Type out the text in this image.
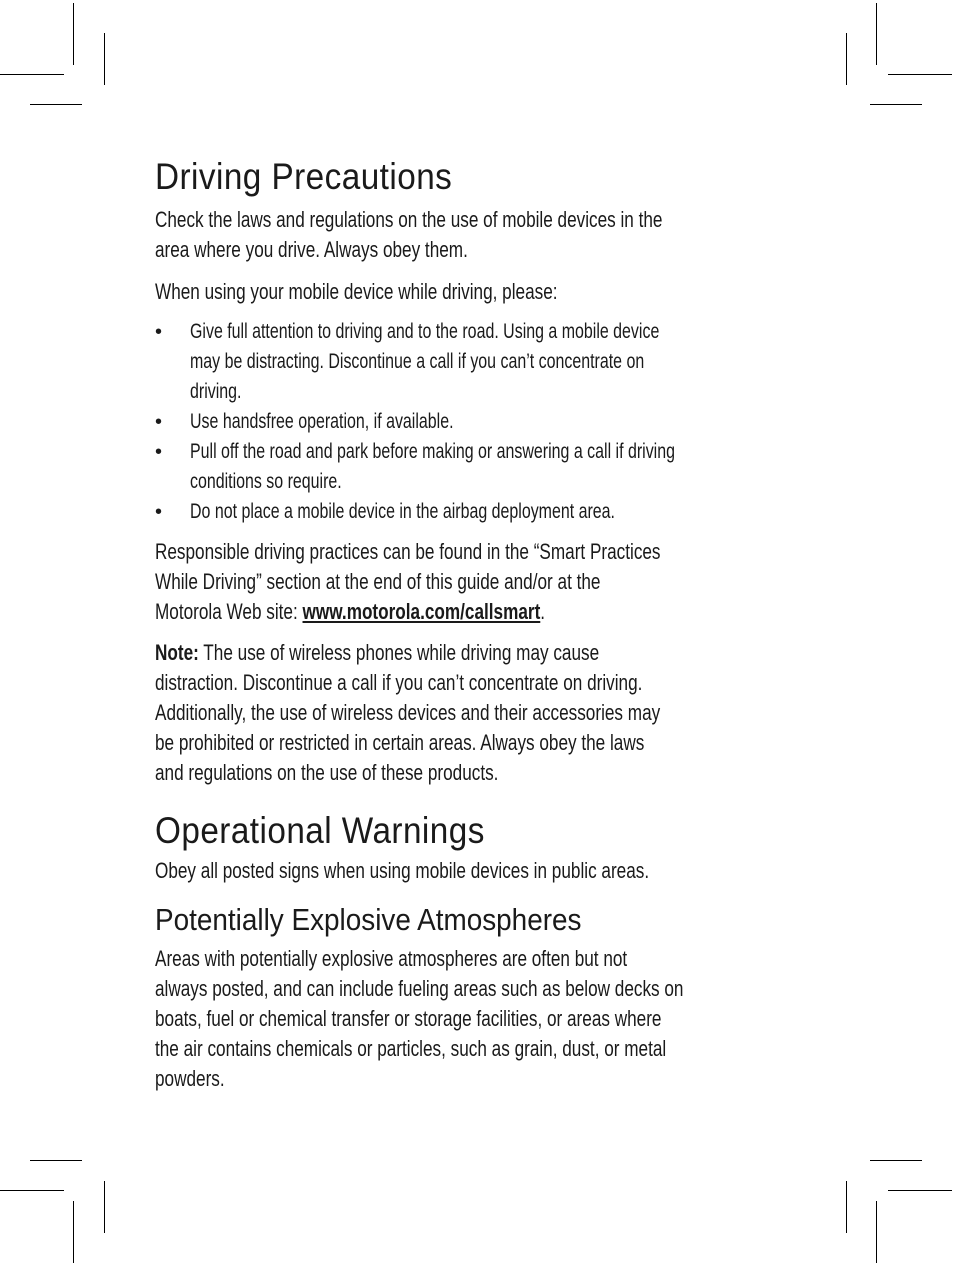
Driving Precautions
Check the laws and regulations on the use of mobile devices in the
area where you drive. Always obey them.
When using your mobile device while driving, please:
• Give full attention to driving and to the road. Using a mobile device
may be distracting. Discontinue a call if you can’t concentrate on
driving.
• Use handsfree operation, if available.
• Pull off the road and park before making or answering a call if driving
conditions so require.
• Do not place a mobile device in the airbag deployment area.
Responsible driving practices can be found in the “Smart Practices
While Driving” section at the end of this guide and/or at the
Motorola Web site: www.motorola.com/callsmart.
Note: The use of wireless phones while driving may cause
distraction. Discontinue a call if you can’t concentrate on driving.
Additionally, the use of wireless devices and their accessories may
be prohibited or restricted in certain areas. Always obey the laws
and regulations on the use of these products.
Operational Warnings
Obey all posted signs when using mobile devices in public areas.
Potentially Explosive Atmospheres
Areas with potentially explosive atmospheres are often but not
always posted, and can include fueling areas such as below decks on
boats, fuel or chemical transfer or storage facilities, or areas where
the air contains chemicals or particles, such as grain, dust, or metal
powders.
